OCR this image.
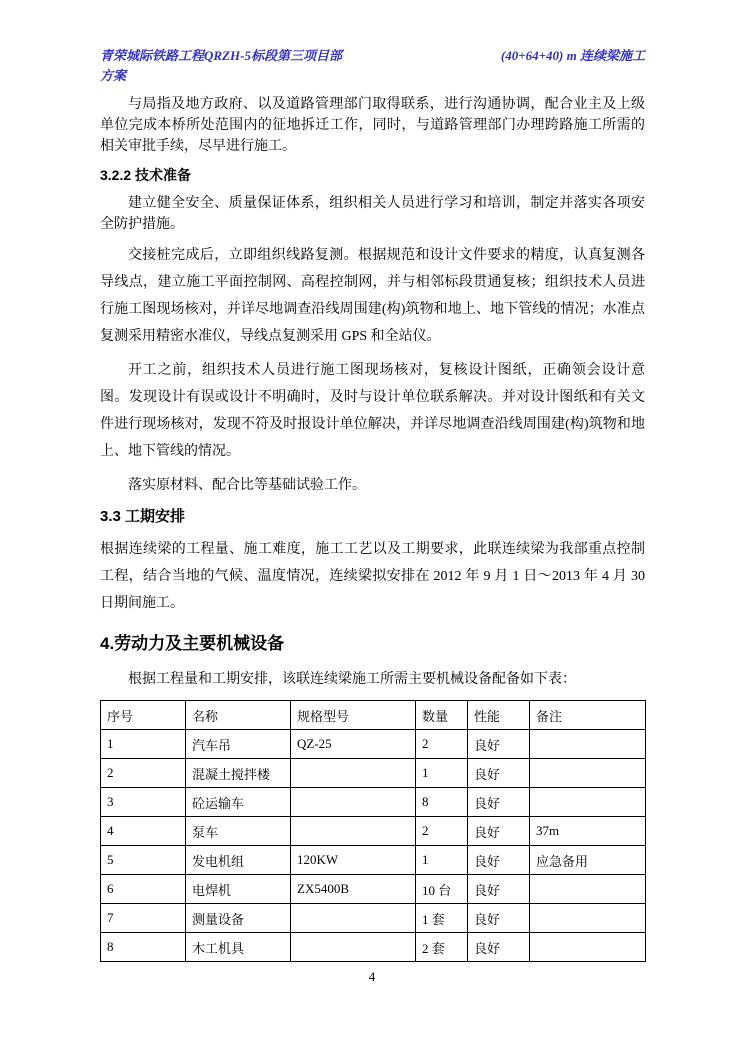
青荣城际铁路工程QRZH-5标段第三项目部	(40+64+40) m 连续梁施工
方案

与局指及地方政府、以及道路管理部门取得联系，进行沟通协调，配合业主及上级单位完成本桥所处范围内的征地拆迁工作，同时，与道路管理部门办理跨路施工所需的相关审批手续，尽早进行施工。

3.2.2 技术准备

建立健全安全、质量保证体系，组织相关人员进行学习和培训，制定并落实各项安全防护措施。

交接桩完成后，立即组织线路复测。根据规范和设计文件要求的精度，认真复测各导线点，建立施工平面控制网、高程控制网，并与相邻标段贯通复核；组织技术人员进行施工图现场核对，并详尽地调查沿线周围建(构)筑物和地上、地下管线的情况；水准点复测采用精密水准仪，导线点复测采用 GPS 和全站仪。

开工之前，组织技术人员进行施工图现场核对，复核设计图纸，正确领会设计意图。发现设计有误或设计不明确时，及时与设计单位联系解决。并对设计图纸和有关文件进行现场核对，发现不符及时报设计单位解决，并详尽地调查沿线周围建(构)筑物和地上、地下管线的情况。

落实原材料、配合比等基础试验工作。

3.3 工期安排

根据连续梁的工程量、施工难度，施工工艺以及工期要求，此联连续梁为我部重点控制工程，结合当地的气候、温度情况，连续梁拟安排在 2012 年 9 月 1 日～2013 年 4 月 30 日期间施工。

4.劳动力及主要机械设备

根据工程量和工期安排，该联连续梁施工所需主要机械设备配备如下表：

序号	名称	规格型号	数量	性能	备注
1	汽车吊	QZ-25	2	良好	
2	混凝土搅拌楼		1	良好	
3	砼运输车		8	良好	
4	泵车		2	良好	37m
5	发电机组	120KW	1	良好	应急备用
6	电焊机	ZX5400B	10 台	良好	
7	测量设备		1 套	良好	
8	木工机具		2 套	良好	
4
